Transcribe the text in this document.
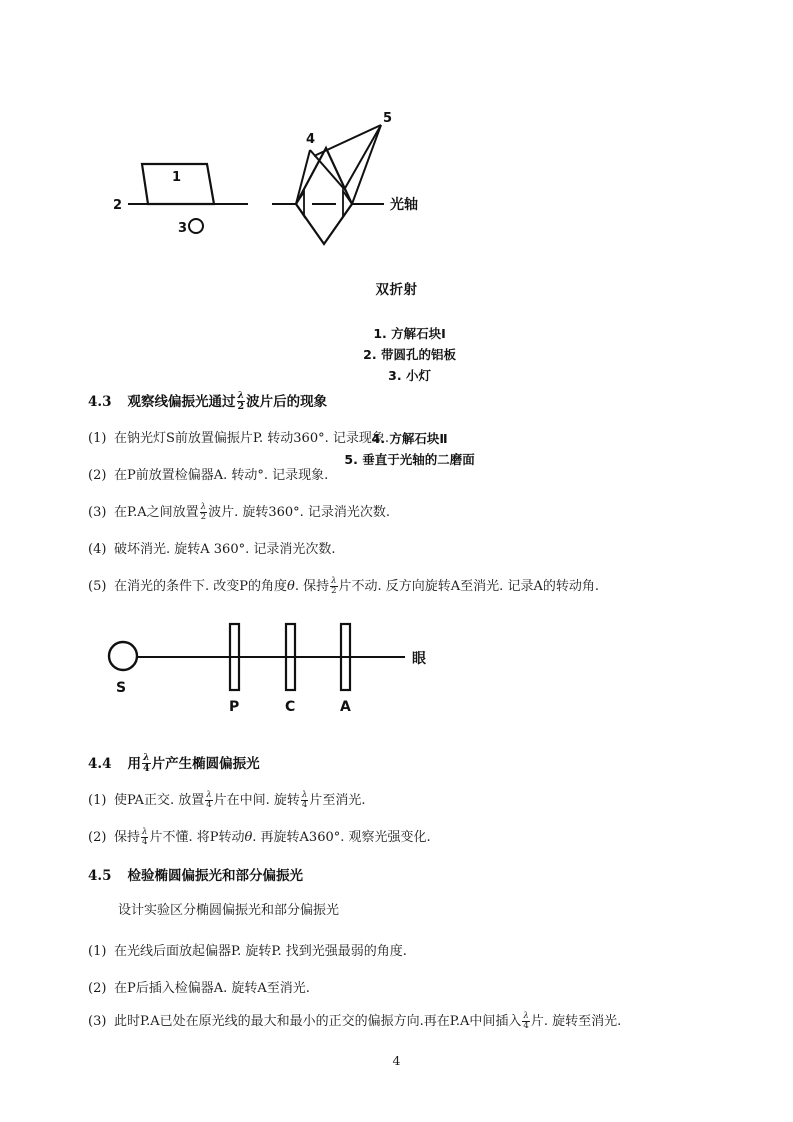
1
2
3
4
5
光轴
双折射

1. 方解石块Ⅰ
2. 带圆孔的铝板
3. 小灯

4. 方解石块Ⅱ
5. 垂直于光轴的二磨面

4.3 观察线偏振光通过 $\frac{\lambda}{2}$ 波片后的现象
(1) 在钠光灯S前放置偏振片P. 转动360°. 记录现象.
(2) 在P前放置检偏器A. 转动°. 记录现象.
(3) 在P.A之间放置 $\frac{\lambda}{2}$ 波片. 旋转360°. 记录消光次数.
(4) 破坏消光. 旋转A 360°. 记录消光次数.
(5) 在消光的条件下. 改变P的角度θ. 保持 $\frac{\lambda}{2}$ 片不动. 反方向旋转A至消光. 记录A的转动角.
S
P	C	A
眼
4.4 用 $\frac{\lambda}{4}$ 片产生椭圆偏振光
(1) 使PA正交. 放置 $\frac{\lambda}{4}$ 片在中间. 旋转 $\frac{\lambda}{4}$ 片至消光.
(2) 保持 $\frac{\lambda}{4}$ 片不懂. 将P转动θ. 再旋转A360°. 观察光强变化.
4.5 检验椭圆偏振光和部分偏振光
设计实验区分椭圆偏振光和部分偏振光
(1) 在光线后面放起偏器P. 旋转P. 找到光强最弱的角度.
(2) 在P后插入检偏器A. 旋转A至消光.
(3) 此时P.A已处在原光线的最大和最小的正交的偏振方向.再在P.A中间插入 $\frac{\lambda}{4}$ 片. 旋转至消光.
4
